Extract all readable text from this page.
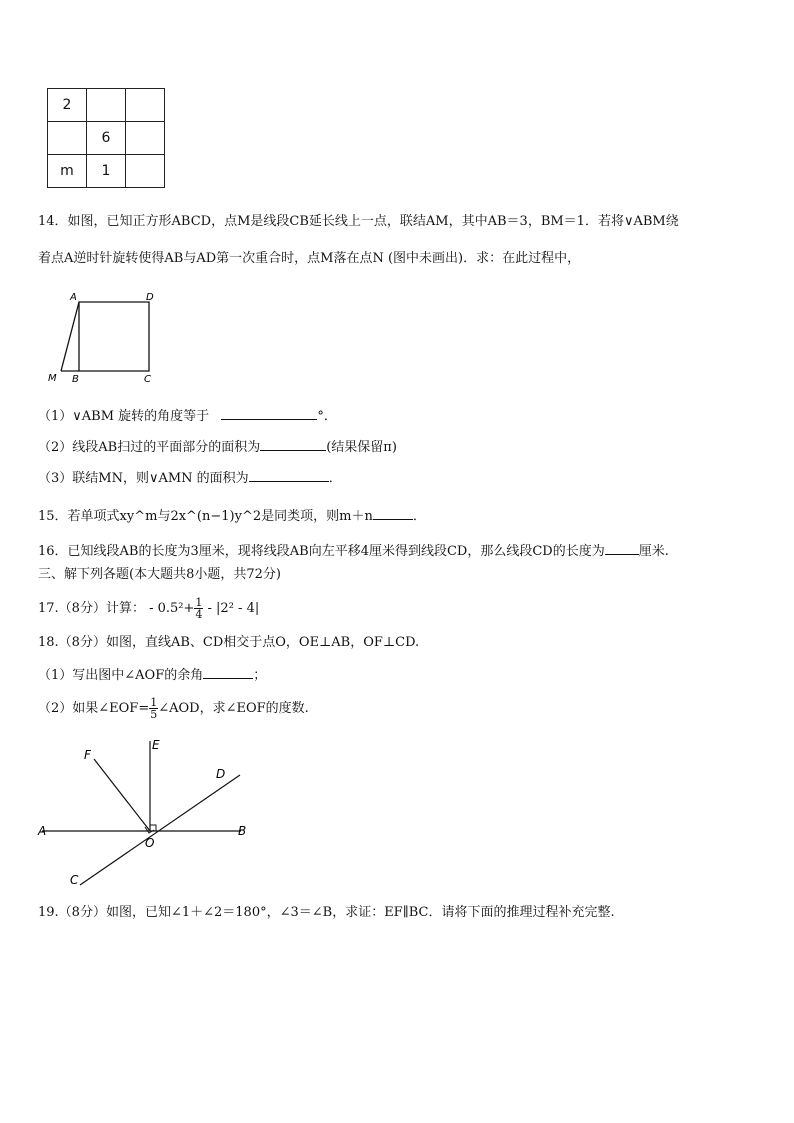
2		
	6	
m	1	
14．如图，已知正方形ABCD，点M是线段CB延长线上一点，联结AM，其中AB＝3，BM＝1．若将∨ABM绕
着点A逆时针旋转使得AB与AD第一次重合时，点M落在点N (图中未画出)．求：在此过程中，
A	D
M B	C
（1）∨ABM 旋转的角度等于	°．
（2）线段AB扫过的平面部分的面积为	(结果保留π)
（3）联结MN，则∨AMN 的面积为	．
15．若单项式xy^m与2x^(n−1)y^2是同类项，则m＋n	．
16．已知线段AB的长度为3厘米，现将线段AB向左平移4厘米得到线段CD，那么线段CD的长度为	厘米.
三、解下列各题(本大题共8小题，共72分)
17.（8分）计算： - $0.5^2+ \frac{1}{4} - |2^2 - 4|$
18.（8分）如图，直线AB、CD相交于点O，OE⊥AB，OF⊥CD.
（1）写出图中∠AOF的余角	；
（2）如果∠EOF= $\frac{1}{5}$ ∠AOD，求∠EOF的度数.
F
E
D
A	B
O
C
19.（8分）如图，已知∠1＋∠2＝180°，∠3＝∠B，求证：EF∥BC．请将下面的推理过程补充完整.
